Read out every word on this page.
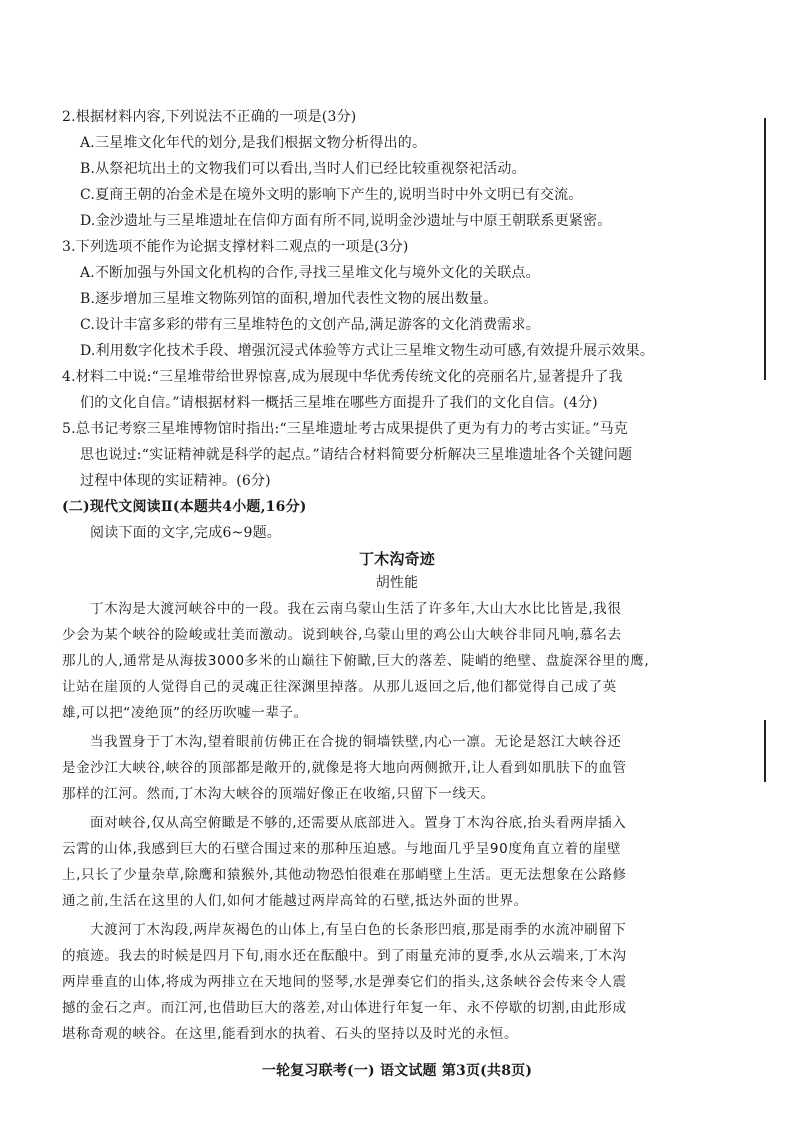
2.根据材料内容,下列说法不正确的一项是(3分)
A.三星堆文化年代的划分,是我们根据文物分析得出的。
B.从祭祀坑出土的文物我们可以看出,当时人们已经比较重视祭祀活动。
C.夏商王朝的冶金术是在境外文明的影响下产生的,说明当时中外文明已有交流。
D.金沙遗址与三星堆遗址在信仰方面有所不同,说明金沙遗址与中原王朝联系更紧密。
3.下列选项不能作为论据支撑材料二观点的一项是(3分)
A.不断加强与外国文化机构的合作,寻找三星堆文化与境外文化的关联点。
B.逐步增加三星堆文物陈列馆的面积,增加代表性文物的展出数量。
C.设计丰富多彩的带有三星堆特色的文创产品,满足游客的文化消费需求。
D.利用数字化技术手段、增强沉浸式体验等方式让三星堆文物生动可感,有效提升展示效果。
4.材料二中说:“三星堆带给世界惊喜,成为展现中华优秀传统文化的亮丽名片,显著提升了我
们的文化自信。”请根据材料一概括三星堆在哪些方面提升了我们的文化自信。(4分)
5.总书记考察三星堆博物馆时指出:“三星堆遗址考古成果提供了更为有力的考古实证。”马克
思也说过:“实证精神就是科学的起点。”请结合材料简要分析解决三星堆遗址各个关键问题
过程中体现的实证精神。(6分)
(二)现代文阅读Ⅱ(本题共4小题,16分)
阅读下面的文字,完成6~9题。
丁木沟奇迹
胡性能
丁木沟是大渡河峡谷中的一段。我在云南乌蒙山生活了许多年,大山大水比比皆是,我很
少会为某个峡谷的险峻或壮美而激动。说到峡谷,乌蒙山里的鸡公山大峡谷非同凡响,慕名去
那儿的人,通常是从海拔3000多米的山巅往下俯瞰,巨大的落差、陡峭的绝壁、盘旋深谷里的鹰,
让站在崖顶的人觉得自己的灵魂正往深渊里掉落。从那儿返回之后,他们都觉得自己成了英
雄,可以把“凌绝顶”的经历吹嘘一辈子。
当我置身于丁木沟,望着眼前仿佛正在合拢的铜墙铁壁,内心一凛。无论是怒江大峡谷还
是金沙江大峡谷,峡谷的顶部都是敞开的,就像是将大地向两侧掀开,让人看到如肌肤下的血管
那样的江河。然而,丁木沟大峡谷的顶端好像正在收缩,只留下一线天。
面对峡谷,仅从高空俯瞰是不够的,还需要从底部进入。置身丁木沟谷底,抬头看两岸插入
云霄的山体,我感到巨大的石壁合围过来的那种压迫感。与地面几乎呈90度角直立着的崖壁
上,只长了少量杂草,除鹰和猿猴外,其他动物恐怕很难在那峭壁上生活。更无法想象在公路修
通之前,生活在这里的人们,如何才能越过两岸高耸的石壁,抵达外面的世界。
大渡河丁木沟段,两岸灰褐色的山体上,有呈白色的长条形凹痕,那是雨季的水流冲刷留下
的痕迹。我去的时候是四月下旬,雨水还在酝酿中。到了雨量充沛的夏季,水从云端来,丁木沟
两岸垂直的山体,将成为两排立在天地间的竖琴,水是弹奏它们的指头,这条峡谷会传来令人震
撼的金石之声。而江河,也借助巨大的落差,对山体进行年复一年、永不停歇的切割,由此形成
堪称奇观的峡谷。在这里,能看到水的执着、石头的坚持以及时光的永恒。
一轮复习联考(一) 语文试题 第3页(共8页)
